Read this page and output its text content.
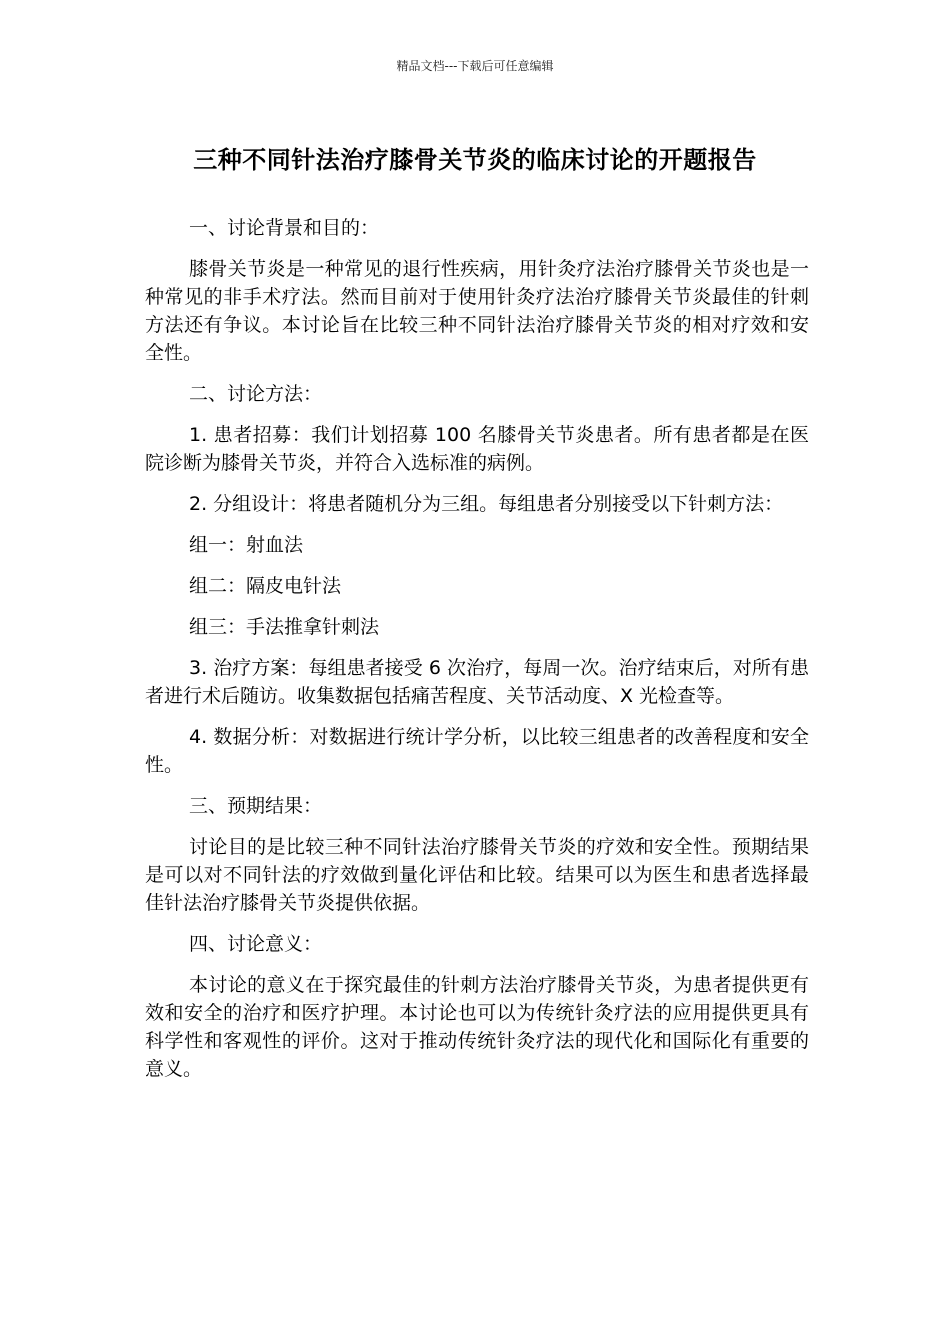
精品文档---下载后可任意编辑
三种不同针法治疗膝骨关节炎的临床讨论的开题报告

一、讨论背景和目的：

膝骨关节炎是一种常见的退行性疾病，用针灸疗法治疗膝骨关节炎也是一种常见的非手术疗法。然而目前对于使用针灸疗法治疗膝骨关节炎最佳的针刺方法还有争议。本讨论旨在比较三种不同针法治疗膝骨关节炎的相对疗效和安全性。

二、讨论方法：

1. 患者招募：我们计划招募 100 名膝骨关节炎患者。所有患者都是在医院诊断为膝骨关节炎，并符合入选标准的病例。

2. 分组设计：将患者随机分为三组。每组患者分别接受以下针刺方法：

组一：射血法

组二：隔皮电针法

组三：手法推拿针刺法

3. 治疗方案：每组患者接受 6 次治疗，每周一次。治疗结束后，对所有患者进行术后随访。收集数据包括痛苦程度、关节活动度、X 光检查等。

4. 数据分析：对数据进行统计学分析，以比较三组患者的改善程度和安全性。

三、预期结果：

讨论目的是比较三种不同针法治疗膝骨关节炎的疗效和安全性。预期结果是可以对不同针法的疗效做到量化评估和比较。结果可以为医生和患者选择最佳针法治疗膝骨关节炎提供依据。

四、讨论意义：

本讨论的意义在于探究最佳的针刺方法治疗膝骨关节炎，为患者提供更有效和安全的治疗和医疗护理。本讨论也可以为传统针灸疗法的应用提供更具有科学性和客观性的评价。这对于推动传统针灸疗法的现代化和国际化有重要的意义。
